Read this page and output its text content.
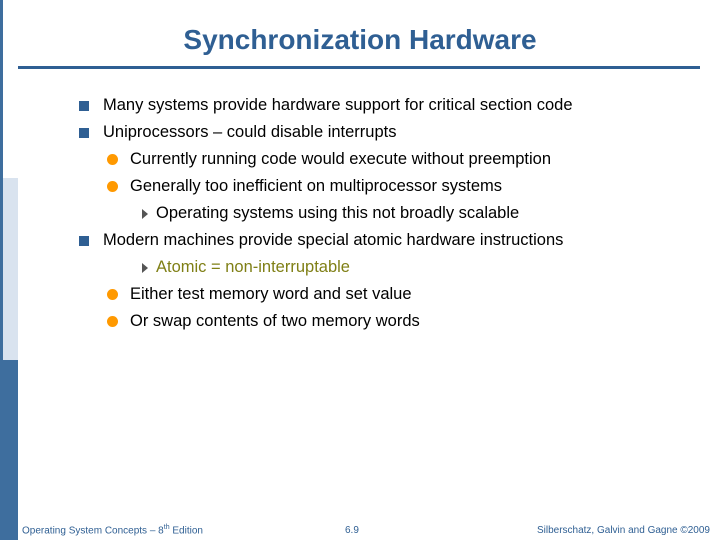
Synchronization Hardware
Many systems provide hardware support for critical section code
Uniprocessors – could disable interrupts
Currently running code would execute without preemption
Generally too inefficient on multiprocessor systems
Operating systems using this not broadly scalable
Modern machines provide special atomic hardware instructions
Atomic = non-interruptable
Either test memory word and set value
Or swap contents of two memory words
Operating System Concepts – 8th Edition	6.9	Silberschatz, Galvin and Gagne ©2009
